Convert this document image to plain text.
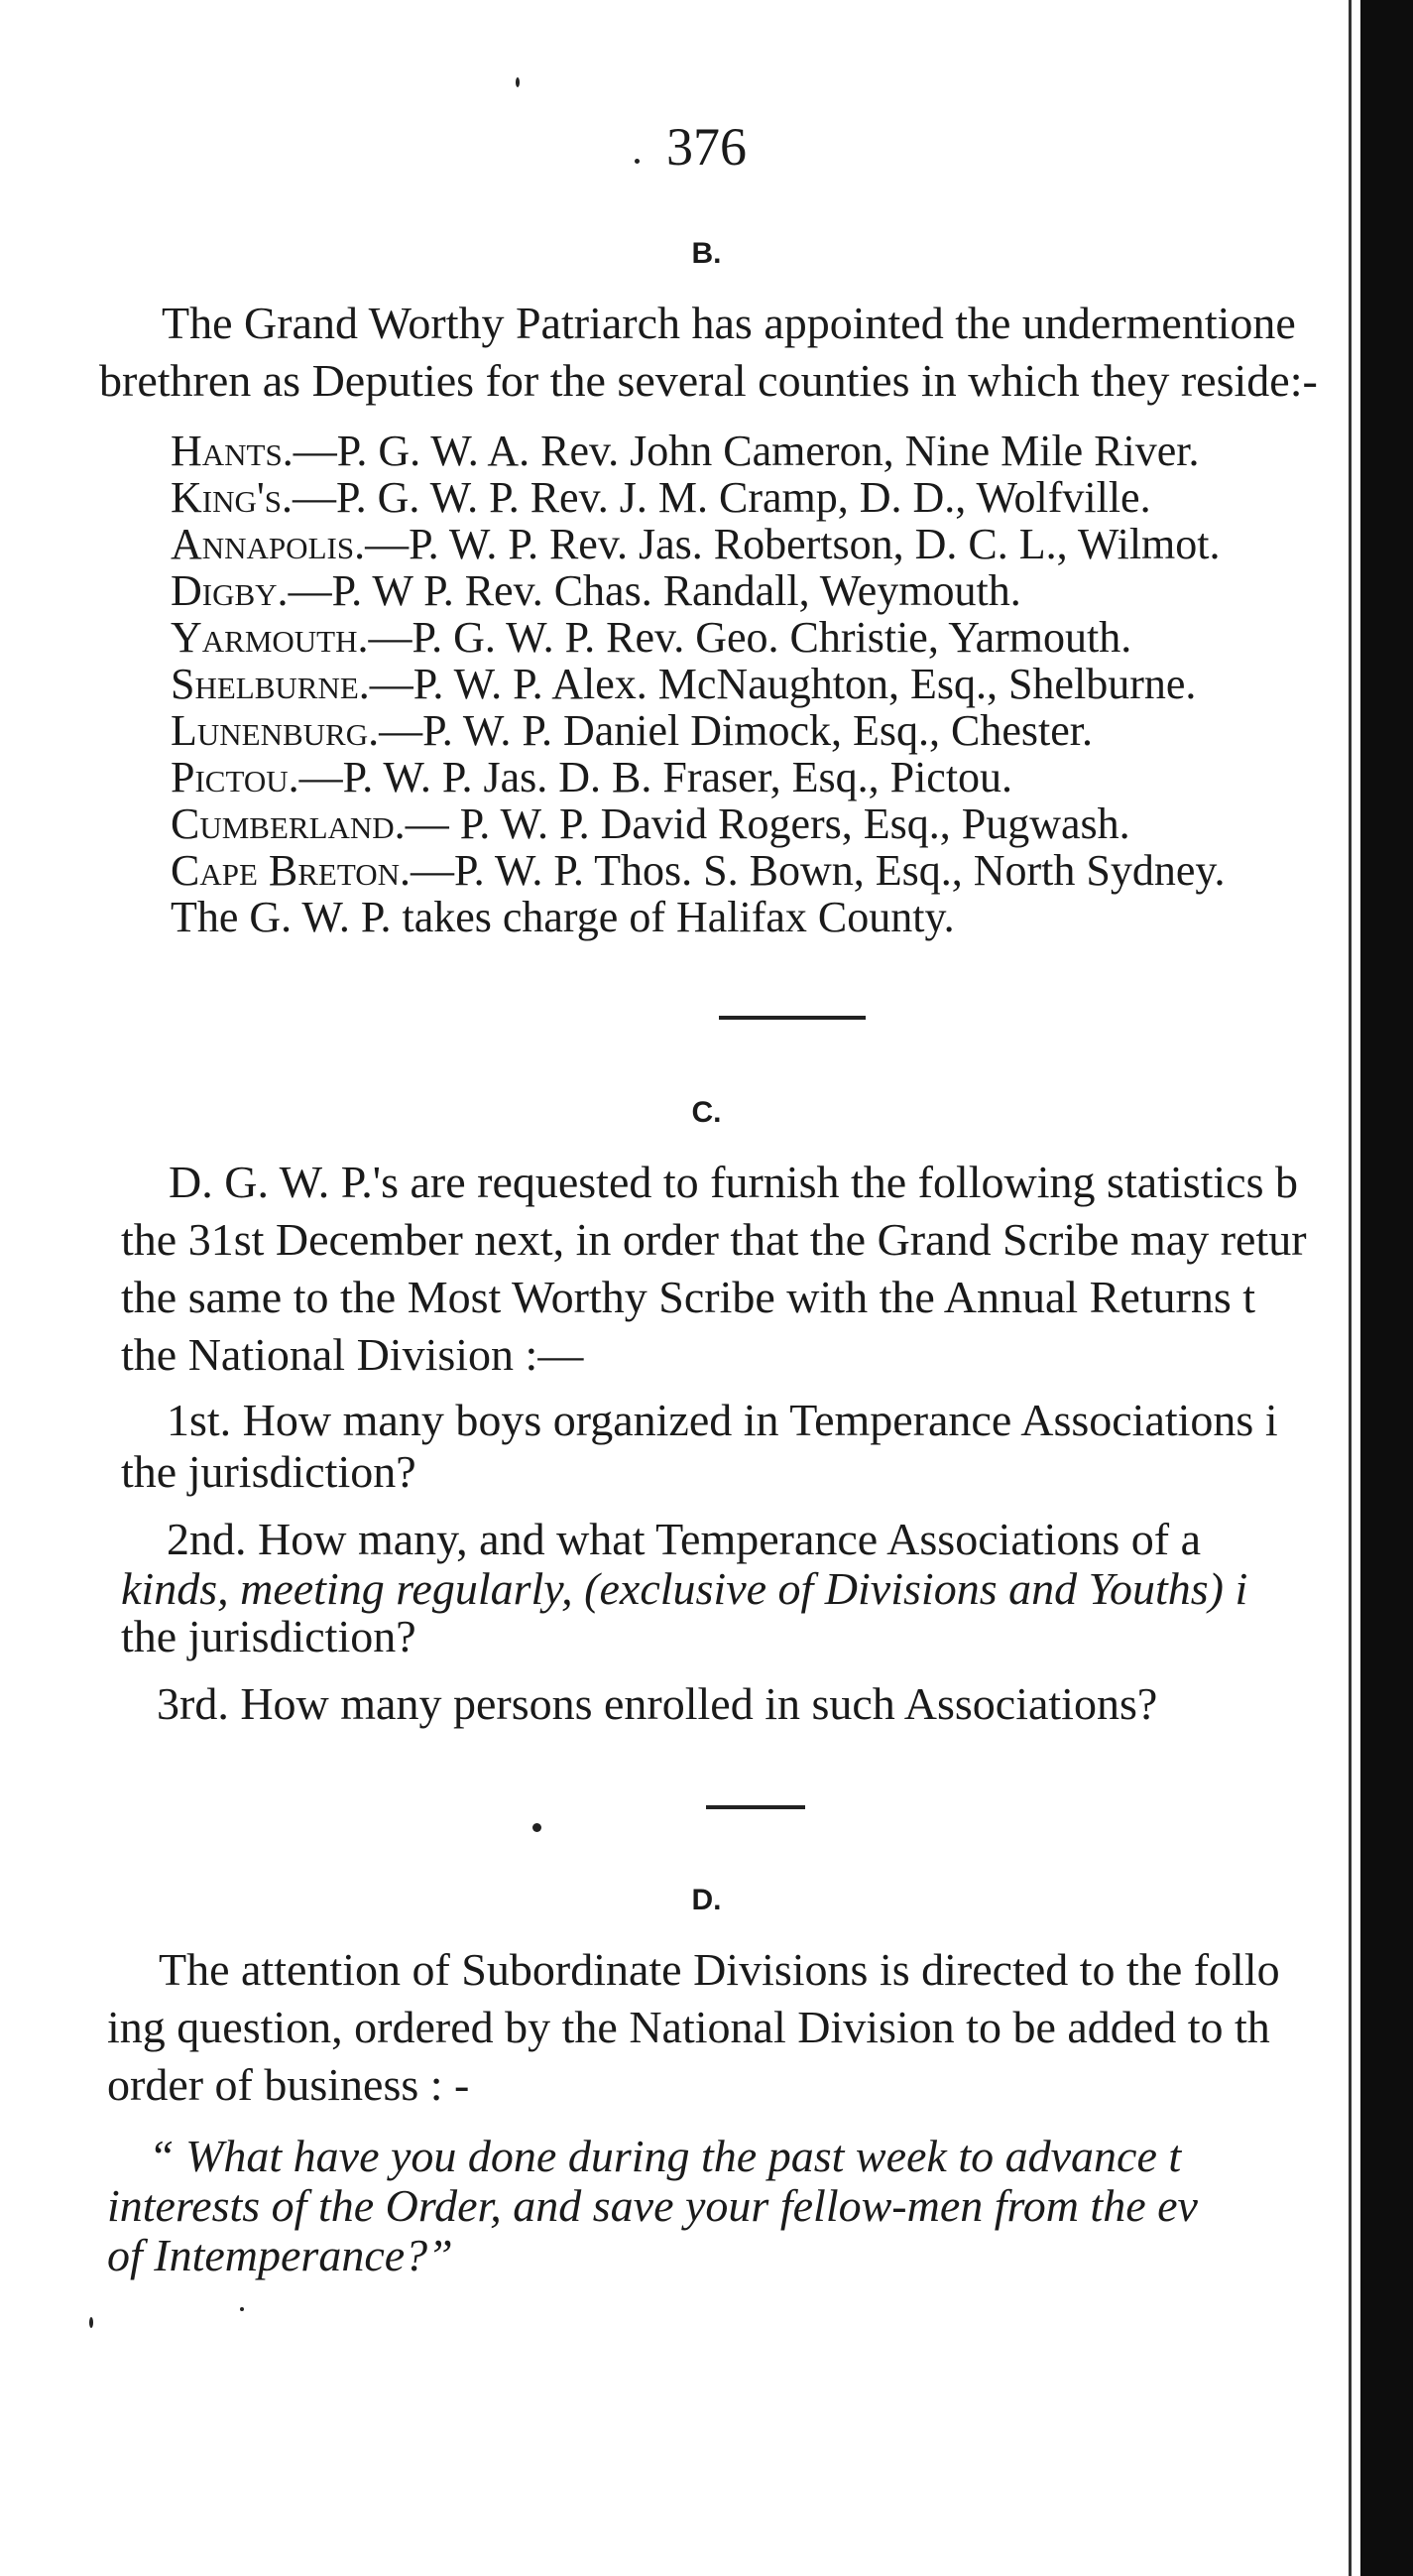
376
B.
The Grand Worthy Patriarch has appointed the undermentione
brethren as Deputies for the several counties in which they reside:-
Hants.—P. G. W. A. Rev. John Cameron, Nine Mile River.
King's.—P. G. W. P. Rev. J. M. Cramp, D. D., Wolfville.
Annapolis.—P. W. P. Rev. Jas. Robertson, D. C. L., Wilmot.
Digby.—P. W P. Rev. Chas. Randall, Weymouth.
Yarmouth.—P. G. W. P. Rev. Geo. Christie, Yarmouth.
Shelburne.—P. W. P. Alex. McNaughton, Esq., Shelburne.
Lunenburg.—P. W. P. Daniel Dimock, Esq., Chester.
Pictou.—P. W. P. Jas. D. B. Fraser, Esq., Pictou.
Cumberland.— P. W. P. David Rogers, Esq., Pugwash.
Cape Breton.—P. W. P. Thos. S. Bown, Esq., North Sydney.
The G. W. P. takes charge of Halifax County.
C.
D. G. W. P.'s are requested to furnish the following statistics b
the 31st December next, in order that the Grand Scribe may retur
the same to the Most Worthy Scribe with the Annual Returns t
the National Division :—
1st. How many boys organized in Temperance Associations i
the jurisdiction?
2nd. How many, and what Temperance Associations of a
kinds, meeting regularly, (exclusive of Divisions and Youths) i
the jurisdiction?
3rd. How many persons enrolled in such Associations?
D.
The attention of Subordinate Divisions is directed to the follo
ing question, ordered by the National Division to be added to th
order of business : -
“ What have you done during the past week to advance t
interests of the Order, and save your fellow-men from the ev
of Intemperance?”
